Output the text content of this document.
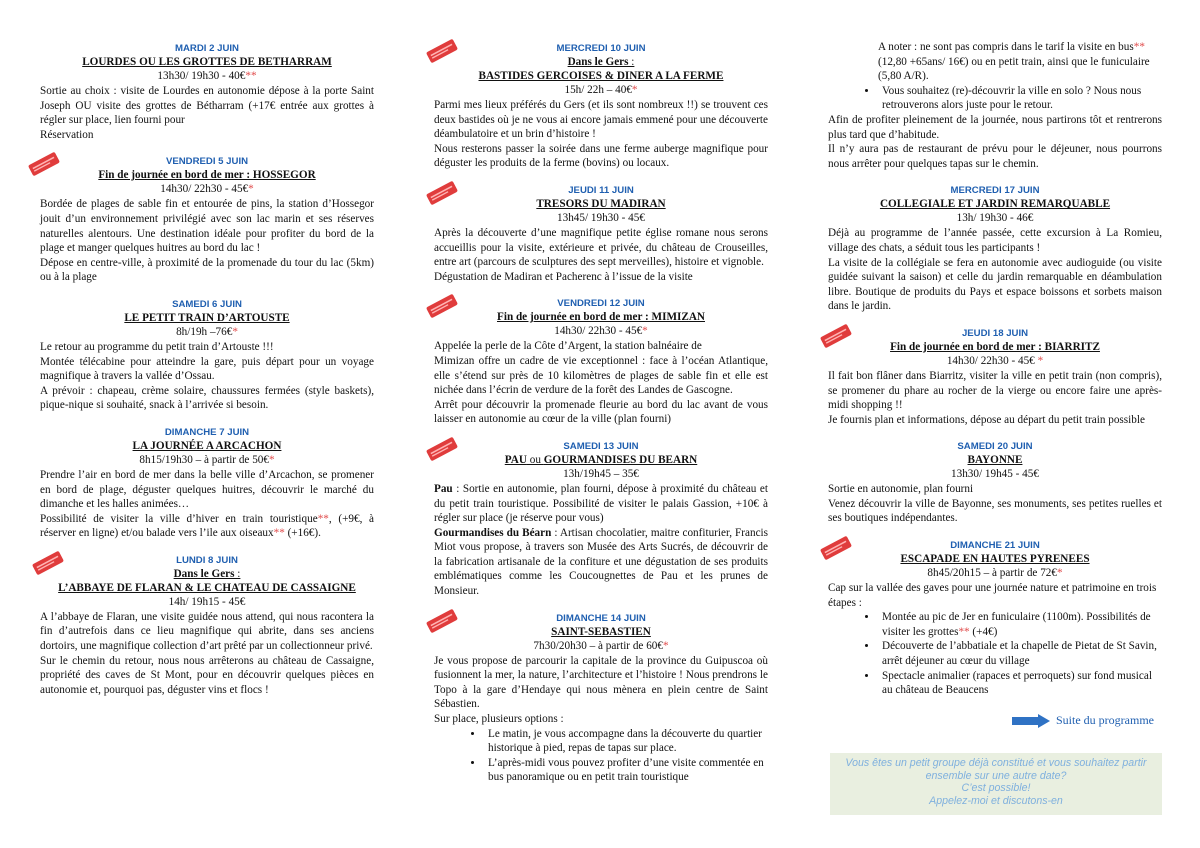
MARDI 2 JUIN
LOURDES OU LES GROTTES DE BETHARRAM
13h30/ 19h30 - 40€**

Sortie au choix : visite de Lourdes en autonomie dépose à la porte Saint Joseph OU visite des grottes de Bétharram (+17€ entrée aux grottes à régler sur place, lien fourni pour

Réservation

VENDREDI 5 JUIN
Fin de journée en bord de mer : HOSSEGOR
14h30/ 22h30 - 45€*

Bordée de plages de sable fin et entourée de pins, la station d’Hossegor jouit d’un environnement privilégié avec son lac marin et ses réserves naturelles alentours. Une destination idéale pour profiter du bord de la plage et manger quelques huitres au bord du lac !

Dépose en centre-ville, à proximité de la promenade du tour du lac (5km) ou à la plage

SAMEDI 6 JUIN
LE PETIT TRAIN D’ARTOUSTE
8h/19h –76€*

Le retour au programme du petit train d’Artouste !!!

Montée télécabine pour atteindre la gare, puis départ pour un voyage magnifique à travers la vallée d’Ossau.

A prévoir : chapeau, crème solaire, chaussures fermées (style baskets), pique-nique si souhaité, snack à l’arrivée si besoin.

DIMANCHE 7 JUIN
LA JOURNÉE A ARCACHON
8h15/19h30 – à partir de 50€*

Prendre l’air en bord de mer dans la belle ville d’Arcachon, se promener en bord de plage, déguster quelques huitres, découvrir le marché du dimanche et les halles animées…

Possibilité de visiter la ville d’hiver en train touristique**, (+9€, à réserver en ligne) et/ou balade vers l’ile aux oiseaux** (+16€).

LUNDI 8 JUIN
Dans le Gers :
L’ABBAYE DE FLARAN & LE CHATEAU DE CASSAIGNE
14h/ 19h15 - 45€

A l’abbaye de Flaran, une visite guidée nous attend, qui nous racontera la fin d’autrefois dans ce lieu magnifique qui abrite, dans ses anciens dortoirs, une magnifique collection d’art prêté par un collectionneur privé.

Sur le chemin du retour, nous nous arrêterons au château de Cassaigne, propriété des caves de St Mont, pour en découvrir quelques pièces en autonomie et, pourquoi pas, déguster vins et flocs !

MERCREDI 10 JUIN
Dans le Gers :
BASTIDES GERCOISES & DINER A LA FERME
15h/ 22h – 40€*

Parmi mes lieux préférés du Gers (et ils sont nombreux !!) se trouvent ces deux bastides où je ne vous ai encore jamais emmené pour une découverte déambulatoire et un brin d’histoire !

Nous resterons passer la soirée dans une ferme auberge magnifique pour déguster les produits de la ferme (bovins) ou locaux.

JEUDI 11 JUIN
TRESORS DU MADIRAN
13h45/ 19h30 - 45€

Après la découverte d’une magnifique petite église romane nous serons accueillis pour la visite, extérieure et privée, du château de Crouseilles, entre art (parcours de sculptures des sept merveilles), histoire et vignoble.

Dégustation de Madiran et Pacherenc à l’issue de la visite

VENDREDI 12 JUIN
Fin de journée en bord de mer : MIMIZAN
14h30/ 22h30 - 45€*

Appelée la perle de la Côte d’Argent, la station balnéaire de

Mimizan offre un cadre de vie exceptionnel : face à l’océan Atlantique, elle s’étend sur près de 10 kilomètres de plages de sable fin et elle est nichée dans l’écrin de verdure de la forêt des Landes de Gascogne.

Arrêt pour découvrir la promenade fleurie au bord du lac avant de vous laisser en autonomie au cœur de la ville (plan fourni)

SAMEDI 13 JUIN
PAU ou GOURMANDISES DU BEARN
13h/19h45 – 35€

Pau : Sortie en autonomie, plan fourni, dépose à proximité du château et du petit train touristique. Possibilité de visiter le palais Gassion, +10€ à régler sur place (je réserve pour vous)

Gourmandises du Béarn : Artisan chocolatier, maitre confiturier, Francis Miot vous propose, à travers son Musée des Arts Sucrés, de découvrir de la fabrication artisanale de la confiture et une dégustation de ses produits emblématiques comme les Coucougnettes de Pau et les prunes de Monsieur.

DIMANCHE 14 JUIN
SAINT-SEBASTIEN
7h30/20h30 – à partir de 60€*

Je vous propose de parcourir la capitale de la province du Guipuscoa où fusionnent la mer, la nature, l’architecture et l’histoire ! Nous prendrons le Topo à la gare d’Hendaye qui nous mènera en plein centre de Saint Sébastien.

Sur place, plusieurs options :

• Le matin, je vous accompagne dans la découverte du quartier historique à pied, repas de tapas sur place.
• L’après-midi vous pouvez profiter d’une visite commentée en bus panoramique ou en petit train touristique
A noter : ne sont pas compris dans le tarif la visite en bus** (12,80 +65ans/ 16€) ou en petit train, ainsi que le funiculaire (5,80 A/R).
• Vous souhaitez (re)-découvrir la ville en solo ? Nous nous retrouverons alors juste pour le retour.

Afin de profiter pleinement de la journée, nous partirons tôt et rentrerons plus tard que d’habitude.

Il n’y aura pas de restaurant de prévu pour le déjeuner, nous pourrons nous arrêter pour quelques tapas sur le chemin.

MERCREDI 17 JUIN
COLLEGIALE ET JARDIN REMARQUABLE
13h/ 19h30 - 46€

Déjà au programme de l’année passée, cette excursion à La Romieu, village des chats, a séduit tous les participants !

La visite de la collégiale se fera en autonomie avec audioguide (ou visite guidée suivant la saison) et celle du jardin remarquable en déambulation libre. Boutique de produits du Pays et espace boissons et sorbets maison dans le jardin.

JEUDI 18 JUIN
Fin de journée en bord de mer : BIARRITZ
14h30/ 22h30 - 45€ *

Il fait bon flâner dans Biarritz, visiter la ville en petit train (non compris), se promener du phare au rocher de la vierge ou encore faire une après-midi shopping !!

Je fournis plan et informations, dépose au départ du petit train possible

SAMEDI 20 JUIN
BAYONNE
13h30/ 19h45 - 45€

Sortie en autonomie, plan fourni

Venez découvrir la ville de Bayonne, ses monuments, ses petites ruelles et ses boutiques indépendantes.

DIMANCHE 21 JUIN
ESCAPADE EN HAUTES PYRENEES
8h45/20h15 – à partir de 72€*

Cap sur la vallée des gaves pour une journée nature et patrimoine en trois étapes :

• Montée au pic de Jer en funiculaire (1100m). Possibilités de visiter les grottes** (+4€)
• Découverte de l’abbatiale et la chapelle de Pietat de St Savin, arrêt déjeuner au cœur du village
• Spectacle animalier (rapaces et perroquets) sur fond musical au château de Beaucens
Suite du programme
Vous êtes un petit groupe déjà constitué et vous souhaitez partir
ensemble sur une autre date?
C’est possible!
Appelez-moi et discutons-en
